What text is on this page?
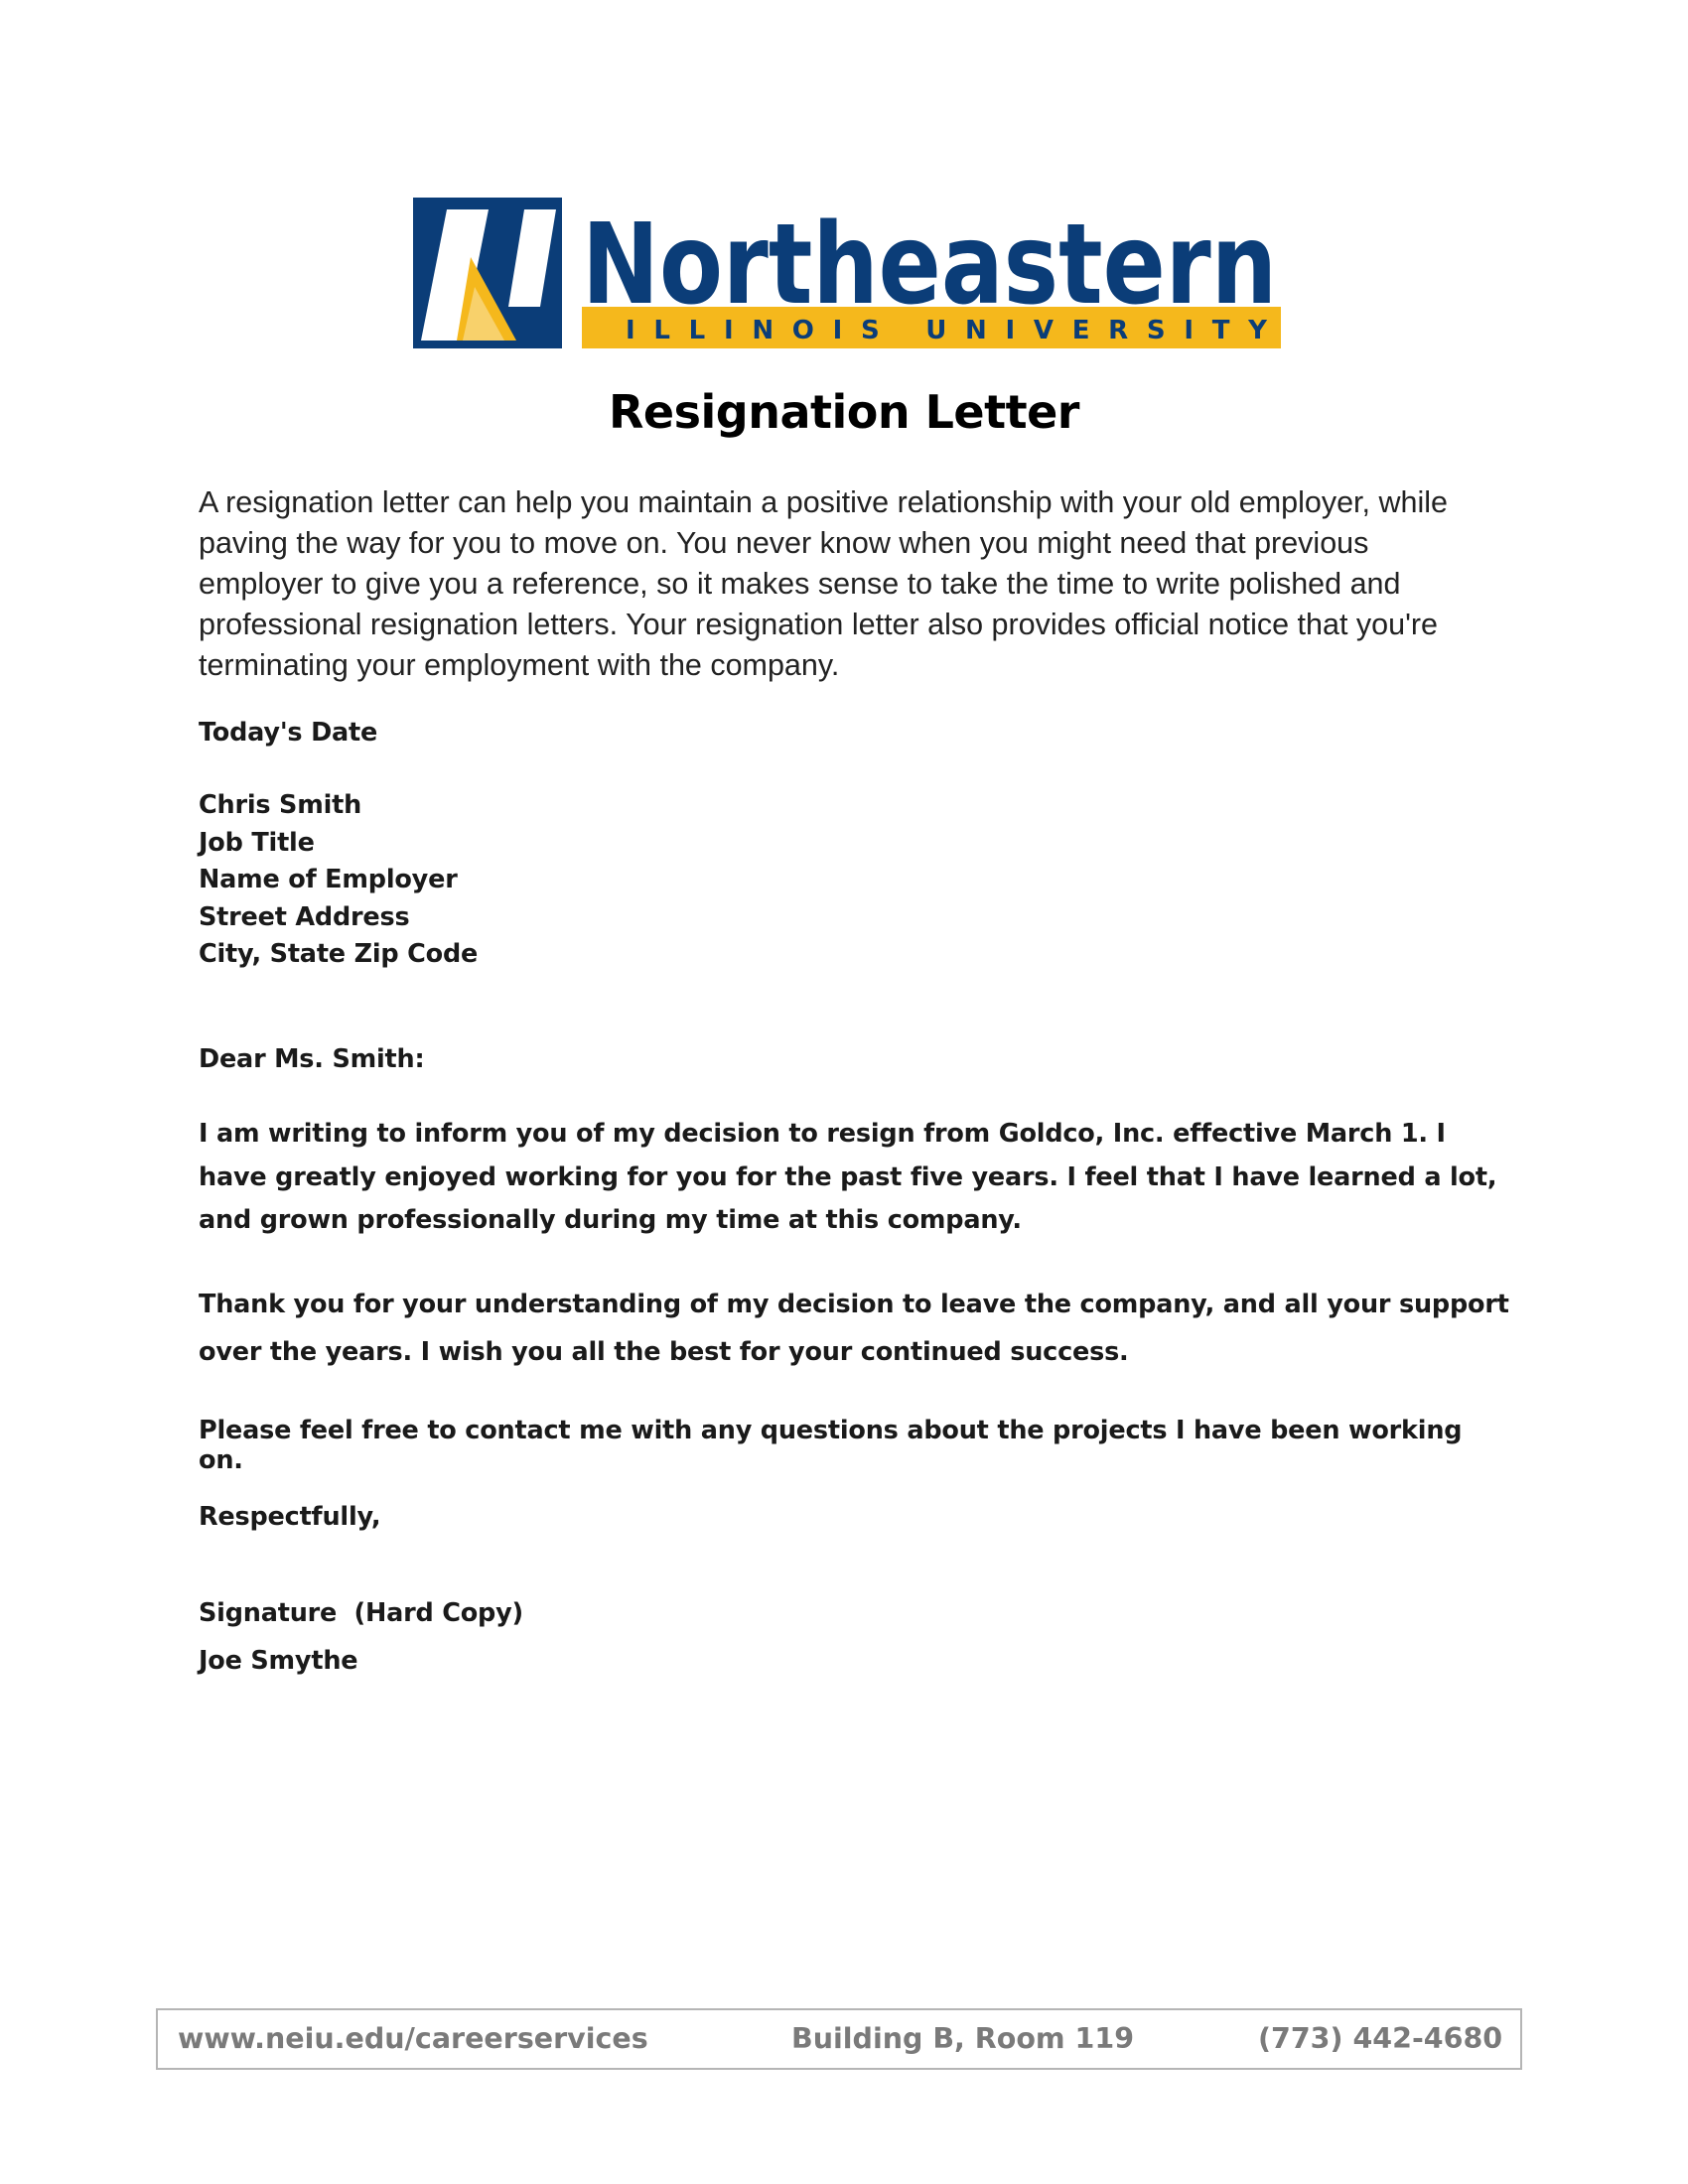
Northeastern
ILLINOIS UNIVERSITY
Resignation Letter
A resignation letter can help you maintain a positive relationship with your old employer, while paving the way for you to move on. You never know when you might need that previous employer to give you a reference, so it makes sense to take the time to write polished and professional resignation letters. Your resignation letter also provides official notice that you're terminating your employment with the company.
Today's Date
Chris Smith
Job Title
Name of Employer
Street Address
City, State Zip Code
Dear Ms. Smith:
I am writing to inform you of my decision to resign from Goldco, Inc. effective March 1. I have greatly enjoyed working for you for the past five years. I feel that I have learned a lot, and grown professionally during my time at this company.
Thank you for your understanding of my decision to leave the company, and all your support over the years. I wish you all the best for your continued success.
Please feel free to contact me with any questions about the projects I have been working on.
Respectfully,
Signature  (Hard Copy)
Joe Smythe
www.neiu.edu/careerservices	Building B, Room 119	(773) 442-4680
